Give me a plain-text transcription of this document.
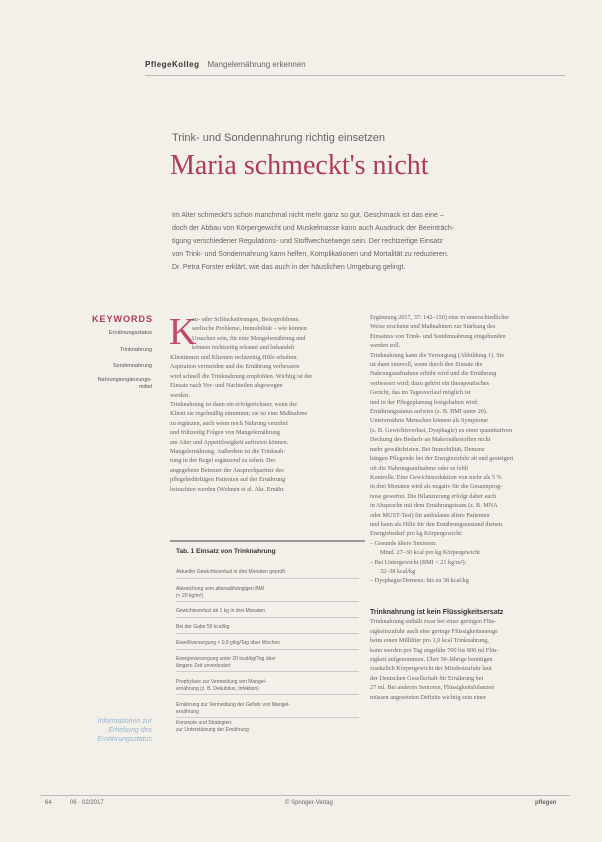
PflegeKolleg Mangelernährung erkennen
Trink- und Sondennahrung richtig einsetzen
Maria schmeckt's nicht
Im Alter schmeckt's schon manchmal nicht mehr ganz so gut. Geschmack ist das eine –
doch der Abbau von Körpergewicht und Muskelmasse kann auch Ausdruck der Beeinträch-
tigung verschiedener Regulations- und Stoffwechselwege sein. Der rechtzeitige Einsatz
von Trink- und Sondennahrung kann helfen, Komplikationen und Mortalität zu reduzieren.
Dr. Petra Forster erklärt, wie das auch in der häuslichen Umgebung gelingt.
KEYWORDS
Ernährungsstatus
Trinknahrung
Sondennahrung
Nahrungsergänzungs-
mittel
K
au- oder Schluckstörungen, Beissprobleme,
seelische Probleme, Immobilität – wie können
Ursachen sein, für eine Mangelernährung und
können rechtzeitig erkannt und behandelt
Klientinnen und Klienten rechtzeitig Hilfe erhalten.
Aspiration vermeiden und die Ernährung verbessern
wird schnell die Trinknahrung empfohlen. Wichtig ist der
Einsatz nach Vor- und Nachteilen abgewogen
werden.
Trinknahrung ist dann ein erfolgreichster, wenn der
Klient sie regelmäßig einnimmt; sie ist eine Maßnahme
zu ergänzen, auch wenn noch Nahrung verzehrt
und frühzeitig Folgen von Mangelernährung
am Alter und Appetitlosigkeit auftreten können.
Mangelernährung. Außerdem ist die Trinknah-
rung in der Regel ergänzend zu sehen. Der
angegebene Betreuer der Ansprechpartner des
pflegebedürftigen Patienten auf der Ernährung
betrachten werden (Wohnen et al. Akt. Ernähr.
Tab. 1 Einsatz von Trinknahrung
Aktueller Gewichtsverlust in drei Monaten geprüft
Abweichung vom altersabhängigen BMI
(< 20 kg/m²)
Gewichtsverlust ab 1 kg in drei Monaten
Bei der Gabe 50 kcal/kg
Eiweißversorgung < 0,9 g/kg/Tag über Wochen
Energieversorgung unter 20 kcal/kg/Tag über
längere Zeit unverändert
Prophylaxe zur Vermeidung von Mangel-
ernährung (z. B. Dekubitus, Infektion)
Ernährung zur Vermeidung der Gefahr von Mangel-
ernährung
Konzepte und Strategien:
zur Unterstützung der Ernährung
Ergänzung 2017, 37: 142–150) eine in unterschiedlicher
Weise erscheint und Maßnahmen zur Stärkung des
Einsatzes von Trink- und Sondennahrung eingebunden
werden soll.
Trinknahrung kann die Versorgung (Abbildung 1). Sie
ist dann sinnvoll, wenn durch den Einsatz die
Nahrungsaufnahme erhöht wird und die Ernährung
verbessert wird; dazu gehört ein therapeutisches
Gericht, das im Tagesverlauf möglich ist
und in der Pflegeplanung festgehalten wird.
Ernährungsstatus aufwies (z. B. BMI unter 20).
Unterernährte Menschen können als Symptome
(z. B. Gewichtsverlust, Dysphagie) zu einer quantitativen
Deckung des Bedarfs an Makronährstoffen nicht
mehr gewährleisten. Bei Immobilität, Demenz
hängen Pflegende bei der Energiezufuhr ab und gesteigert
oft die Nahrungsaufnahme oder es fehlt
Kontrolle. Eine Gewichtsreduktion von mehr als 5 %
in drei Monaten wird als negativ für die Gesamtprog-
nose gewertet. Die Bilanzierung erfolgt daher auch
in Absprache mit dem Ernährungsteam (z. B. MNA
oder MUST-Test) für ambulante ältere Patienten
und kann als Hilfe für den Ernährungszustand dienen.
Energiebedarf pro kg Körpergewicht:
– Gesunde ältere Senioren:
Mind. 27–30 kcal pro kg Körpergewicht
– Bei Untergewicht (BMI < 21 kg/m²):
32–38 kcal/kg
– Dysphagie/Demenz: bis zu 38 kcal/kg
Trinknahrung ist kein Flüssigkeitsersatz
Trinknahrung enthält zwar bei einer geringen Flüs-
sigkeitszufuhr auch eine geringe Flüssigkeitsmenge
beim einen Milliliter pro 1,0 kcal Trinknahrung,
kann werden pro Tag ungefähr 700 bis 800 ml Flüs-
sigkeit aufgenommen. Über 50-Jährige benötigen
zusätzlich Körpergewicht der Mindestzufuhr laut
der Deutschen Gesellschaft für Ernährung bei
27 ml. Bei anderen Senioren, Flüssigkeitsbilanzen
müssen angesetzten Defizite wichtig sein einer
Informationen zur
Erhebung des
Ernährungsstatus
64	06 · 02/2017	© Springer-Verlag	pflegen
